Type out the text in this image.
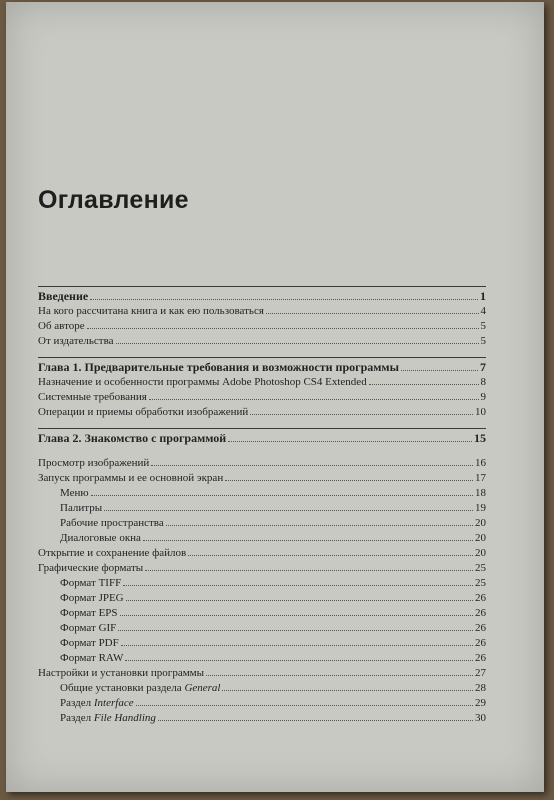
Оглавление
Введение	1
На кого рассчитана книга и как ею пользоваться	4
Об авторе	5
От издательства	5
Глава 1. Предварительные требования и возможности программы	7
Назначение и особенности программы Adobe Photoshop CS4 Extended	8
Системные требования	9
Операции и приемы обработки изображений	10
Глава 2. Знакомство с программой	15
Просмотр изображений	16
Запуск программы и ее основной экран	17
Меню	18
Палитры	19
Рабочие пространства	20
Диалоговые окна	20
Открытие и сохранение файлов	20
Графические форматы	25
Формат TIFF	25
Формат JPEG	26
Формат EPS	26
Формат GIF	26
Формат PDF	26
Формат RAW	26
Настройки и установки программы	27
Общие установки раздела General	28
Раздел Interface	29
Раздел File Handling	30
